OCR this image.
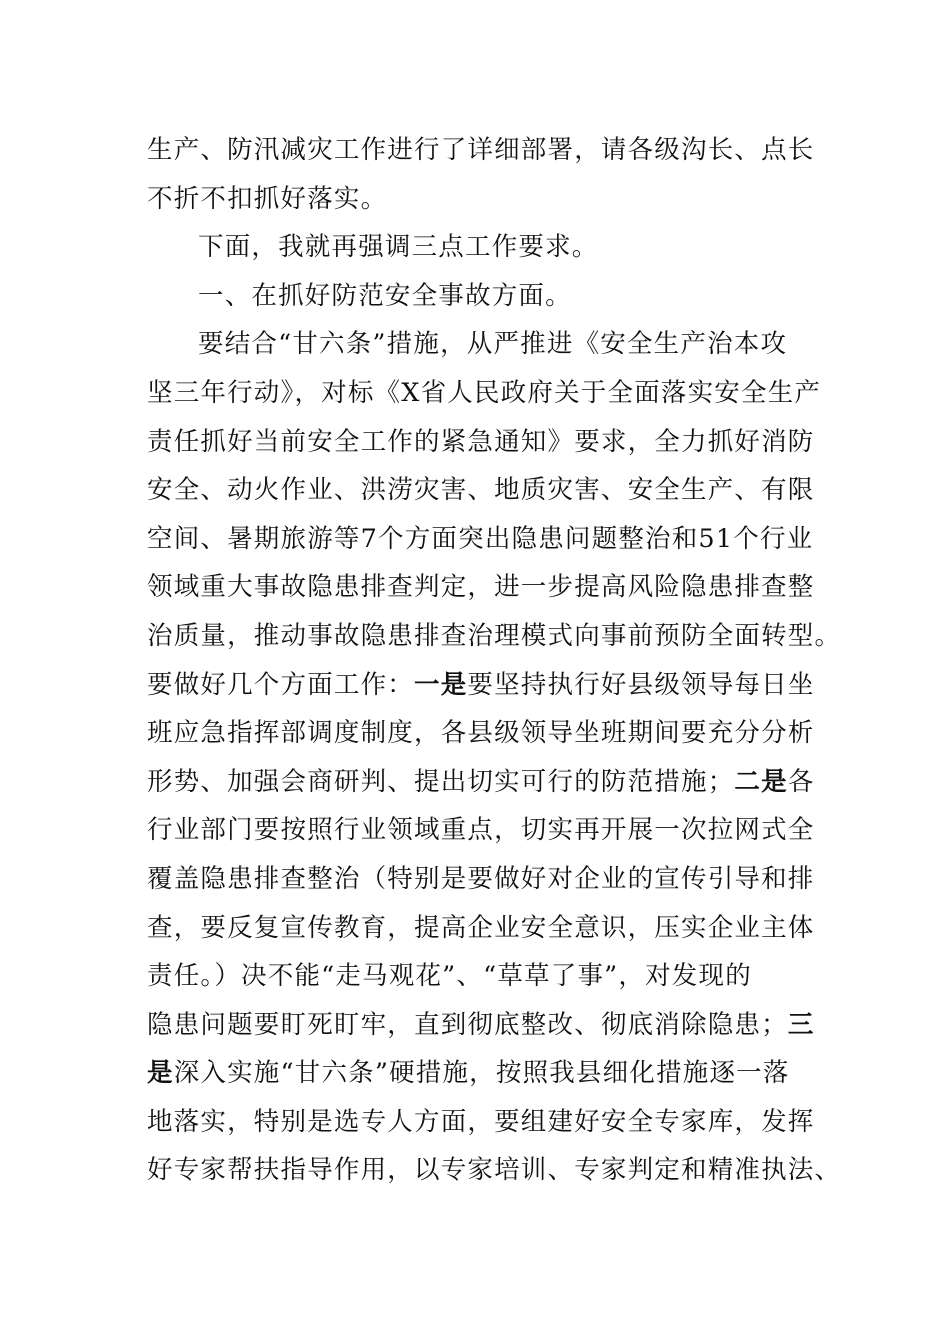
生产、防汛减灾工作进行了详细部署，请各级沟长、点长
不折不扣抓好落实。
下面，我就再强调三点工作要求。
一、在抓好防范安全事故方面。
要结合“甘六条”措施，从严推进《安全生产治本攻
坚三年行动》，对标《X省人民政府关于全面落实安全生产
责任抓好当前安全工作的紧急通知》要求，全力抓好消防
安全、动火作业、洪涝灾害、地质灾害、安全生产、有限
空间、暑期旅游等7个方面突出隐患问题整治和51个行业
领域重大事故隐患排查判定，进一步提高风险隐患排查整
治质量，推动事故隐患排查治理模式向事前预防全面转型。
要做好几个方面工作：一是要坚持执行好县级领导每日坐
班应急指挥部调度制度，各县级领导坐班期间要充分分析
形势、加强会商研判、提出切实可行的防范措施；二是各
行业部门要按照行业领域重点，切实再开展一次拉网式全
覆盖隐患排查整治（特别是要做好对企业的宣传引导和排
查，要反复宣传教育，提高企业安全意识，压实企业主体
责任。）决不能“走马观花”、“草草了事”，对发现的
隐患问题要盯死盯牢，直到彻底整改、彻底消除隐患；三
是深入实施“甘六条”硬措施，按照我县细化措施逐一落
地落实，特别是选专人方面，要组建好安全专家库，发挥
好专家帮扶指导作用，以专家培训、专家判定和精准执法、
